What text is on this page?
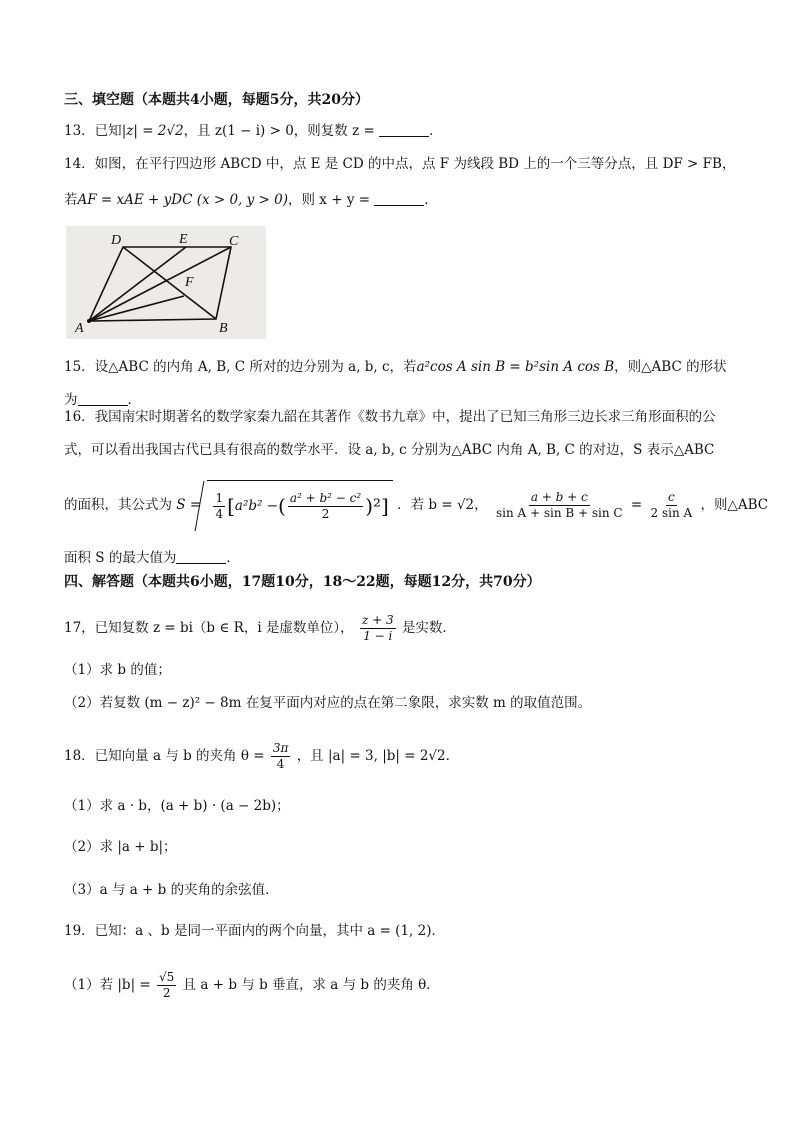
三、填空题（本题共4小题，每题5分，共20分）
13．已知|z| = 2√2，且 z(1 − i) > 0，则复数 z =	．
14．如图，在平行四边形 ABCD 中，点 E 是 CD 的中点，点 F 为线段 BD 上的一个三等分点，且 DF > FB，
若AF = xAE + yDC (x > 0, y > 0)，则 x + y =	．
D	E	C
F
A	B
15．设△ABC 的内角 A, B, C 所对的边分别为 a, b, c，若a²cos A sin B = b²sin A cos B，则△ABC 的形状
为	．
16．我国南宋时期著名的数学家秦九韶在其著作《数书九章》中，提出了已知三角形三边长求三角形面积的公
式，可以看出我国古代已具有很高的数学水平．设 a, b, c 分别为△ABC 内角 A, B, C 的对边，S 表示△ABC
的面积，其公式为 $S = \frac{1}{4}$ [ a²b² − ( $\frac{\text{a² + b² − c²}}{2} )^2$] ．若 b = √2， $\frac{a + b + c}{\text{sin A + sin B + sin C}} = \frac{c}{\text{2 sin A}}$ ，则△ABC
面积 S 的最大值为	．
四、解答题（本题共6小题，17题10分，18～22题，每题12分，共70分）
17，已知复数 z = bi（b ∈ R，i 是虚数单位）， $\frac{z + 3}{1 - i}$ 是实数．
（1）求 b 的值；
（2）若复数 (m − z)² − 8m 在复平面内对应的点在第二象限，求实数 m 的取值范围。
18．已知向量 a 与 b 的夹角 $\theta = \frac{3\pi}{4}$ ，且 |a| = 3, |b| = 2√2．
（1）求 a · b，(a + b) · (a − 2b)；
（2）求 |a + b|；
（3）a 与 a + b 的夹角的余弦值．
19．已知：a 、b 是同一平面内的两个向量，其中 a = (1, 2)．
（1）若 $|b| = \frac{√5}{2}$ 且 a + b 与 b 垂直，求 a 与 b 的夹角 θ．
